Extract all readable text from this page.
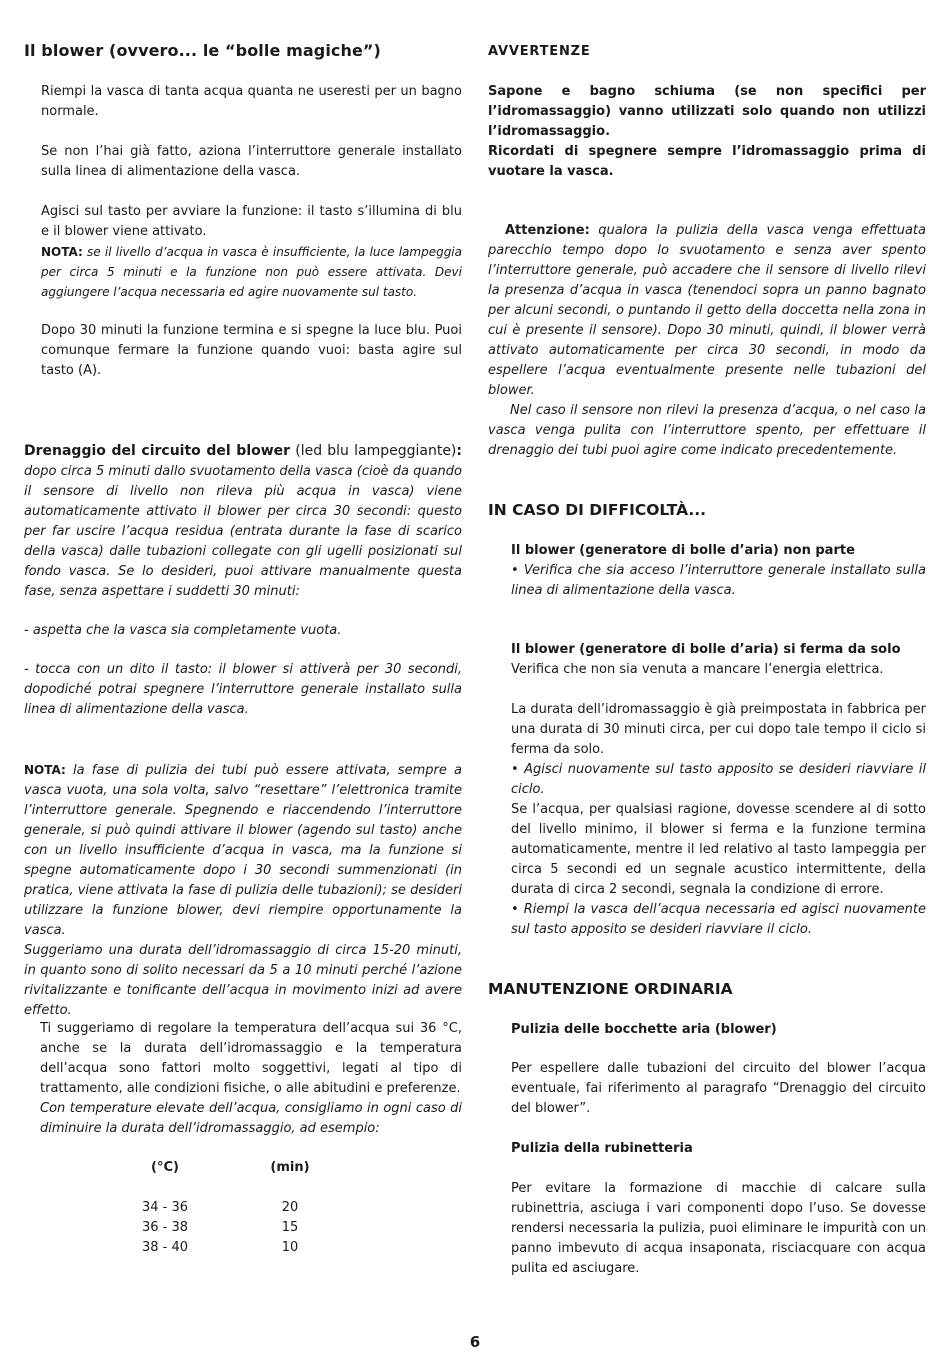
Il blower (ovvero... le “bolle magiche”)

Riempi la vasca di tanta acqua quanta ne useresti per un bagno normale.

Se non l’hai già fatto, aziona l’interruttore generale installato sulla linea di alimentazione della vasca.

Agisci sul tasto per avviare la funzione: il tasto s’illumina di blu e il blower viene attivato.

NOTA: se il livello d’acqua in vasca è insufficiente, la luce lampeggia per circa 5 minuti e la funzione non può essere attivata. Devi aggiungere l’acqua necessaria ed agire nuovamente sul tasto.

Dopo 30 minuti la funzione termina e si spegne la luce blu. Puoi comunque fermare la funzione quando vuoi: basta agire sul tasto (A).

Drenaggio del circuito del blower (led blu lampeggiante): dopo circa 5 minuti dallo svuotamento della vasca (cioè da quando il sensore di livello non rileva più acqua in vasca) viene automaticamente attivato il blower per circa 30 secondi: questo per far uscire l’acqua residua (entrata durante la fase di scarico della vasca) dalle tubazioni collegate con gli ugelli posizionati sul fondo vasca. Se lo desideri, puoi attivare manualmente questa fase, senza aspettare i suddetti 30 minuti:

- aspetta che la vasca sia completamente vuota.

- tocca con un dito il tasto: il blower si attiverà per 30 secondi, dopodiché potrai spegnere l’interruttore generale installato sulla linea di alimentazione della vasca.

NOTA: la fase di pulizia dei tubi può essere attivata, sempre a vasca vuota, una sola volta, salvo “resettare” l’elettronica tramite l’interruttore generale. Spegnendo e riaccendendo l’interruttore generale, si può quindi attivare il blower (agendo sul tasto) anche con un livello insufficiente d’acqua in vasca, ma la funzione si spegne automaticamente dopo i 30 secondi summenzionati (in pratica, viene attivata la fase di pulizia delle tubazioni); se desideri utilizzare la funzione blower, devi riempire opportunamente la vasca.

Suggeriamo una durata dell’idromassaggio di circa 15-20 minuti, in quanto sono di solito necessari da 5 a 10 minuti perché l’azione rivitalizzante e tonificante dell’acqua in movimento inizi ad avere effetto.

Ti suggeriamo di regolare la temperatura dell’acqua sui 36 °C, anche se la durata dell’idromassaggio e la temperatura dell’acqua sono fattori molto soggettivi, legati al tipo di trattamento, alle condizioni fisiche, o alle abitudini e preferenze.

Con temperature elevate dell’acqua, consigliamo in ogni caso di diminuire la durata dell’idromassaggio, ad esempio:

(°C)	(min)
34 - 36	20
36 - 38	15
38 - 40	10
AVVERTENZE

Sapone e bagno schiuma (se non specifici per l’idromassaggio) vanno utilizzati solo quando non utilizzi l’idromassaggio.

Ricordati di spegnere sempre l’idromassaggio prima di vuotare la vasca.

Attenzione: qualora la pulizia della vasca venga effettuata parecchio tempo dopo lo svuotamento e senza aver spento l’interruttore generale, può accadere che il sensore di livello rilevi la presenza d’acqua in vasca (tenendoci sopra un panno bagnato per alcuni secondi, o puntando il getto della doccetta nella zona in cui è presente il sensore). Dopo 30 minuti, quindi, il blower verrà attivato automaticamente per circa 30 secondi, in modo da espellere l’acqua eventualmente presente nelle tubazioni del blower.

Nel caso il sensore non rilevi la presenza d’acqua, o nel caso la vasca venga pulita con l’interruttore spento, per effettuare il drenaggio dei tubi puoi agire come indicato precedentemente.

IN CASO DI DIFFICOLTÀ...
Il blower (generatore di bolle d’aria) non parte
• Verifica che sia acceso l’interruttore generale installato sulla linea di alimentazione della vasca.
Il blower (generatore di bolle d’aria) si ferma da solo
Verifica che non sia venuta a mancare l’energia elettrica.
La durata dell’idromassaggio è già preimpostata in fabbrica per una durata di 30 minuti circa, per cui dopo tale tempo il ciclo si ferma da solo.
• Agisci nuovamente sul tasto apposito se desideri riavviare il ciclo.
Se l’acqua, per qualsiasi ragione, dovesse scendere al di sotto del livello minimo, il blower si ferma e la funzione termina automaticamente, mentre il led relativo al tasto lampeggia per circa 5 secondi ed un segnale acustico intermittente, della durata di circa 2 secondi, segnala la condizione di errore.
• Riempi la vasca dell’acqua necessaria ed agisci nuovamente sul tasto apposito se desideri riavviare il ciclo.
MANUTENZIONE ORDINARIA
Pulizia delle bocchette aria (blower)
Per espellere dalle tubazioni del circuito del blower l’acqua eventuale, fai riferimento al paragrafo “Drenaggio del circuito del blower”.
Pulizia della rubinetteria
Per evitare la formazione di macchie di calcare sulla rubinettria, asciuga i vari componenti dopo l’uso. Se dovesse rendersi necessaria la pulizia, puoi eliminare le impurità con un panno imbevuto di acqua insaponata, risciacquare con acqua pulita ed asciugare.
6
